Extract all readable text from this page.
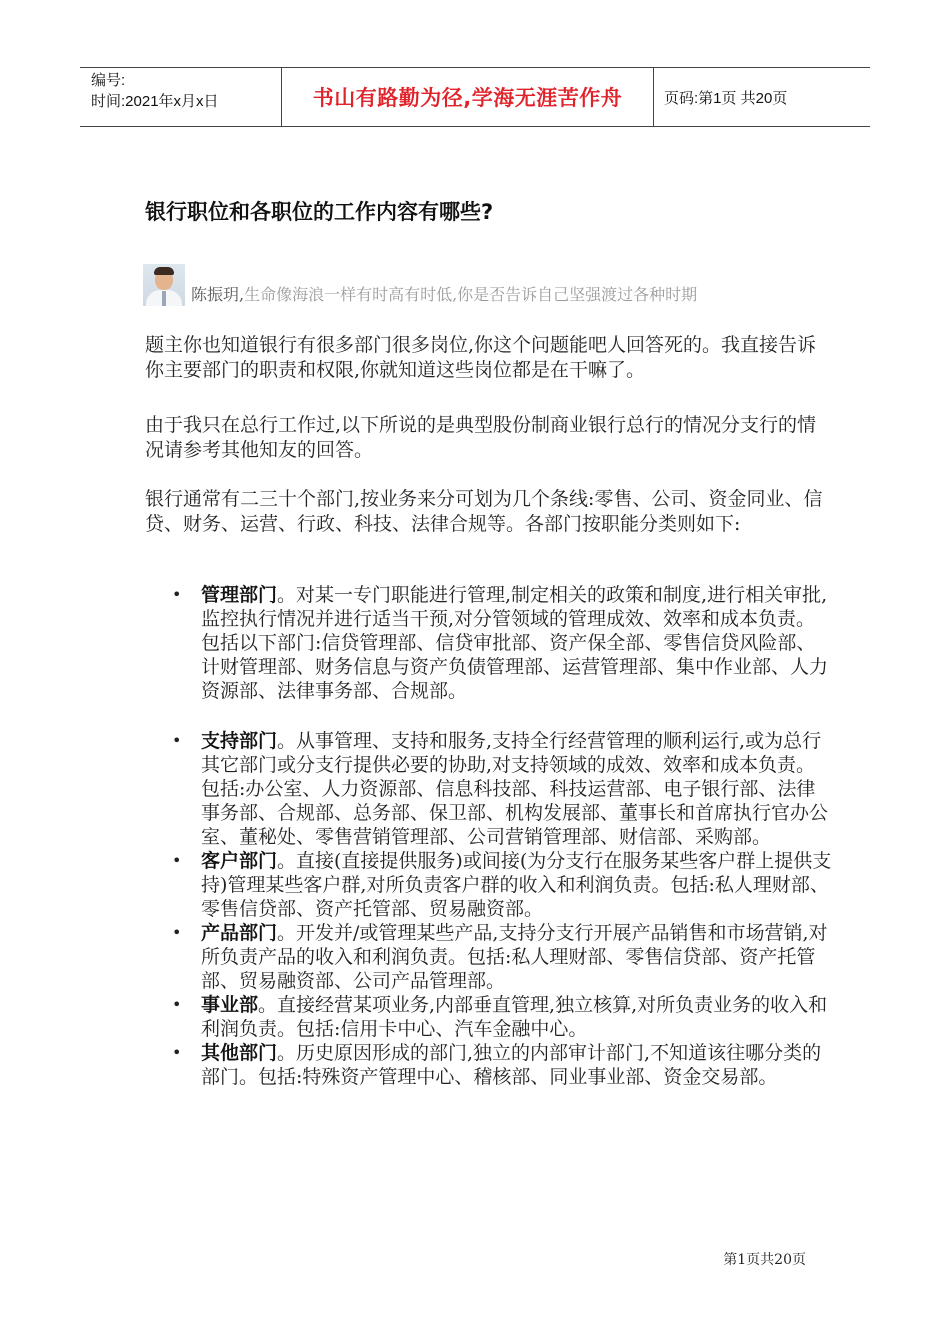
编号:
时间:2021年x月x日	书山有路勤为径,学海无涯苦作舟	页码:第1页 共20页
银行职位和各职位的工作内容有哪些?
陈振玥,生命像海浪一样有时高有时低,你是否告诉自己坚强渡过各种时期
题主你也知道银行有很多部门很多岗位,你这个问题能吧人回答死的。我直接告诉你主要部门的职责和权限,你就知道这些岗位都是在干嘛了。
由于我只在总行工作过,以下所说的是典型股份制商业银行总行的情况分支行的情况请参考其他知友的回答。
银行通常有二三十个部门,按业务来分可划为几个条线:零售、公司、资金同业、信贷、财务、运营、行政、科技、法律合规等。各部门按职能分类则如下:
• 管理部门。对某一专门职能进行管理,制定相关的政策和制度,进行相关审批,监控执行情况并进行适当干预,对分管领域的管理成效、效率和成本负责。包括以下部门:信贷管理部、信贷审批部、资产保全部、零售信贷风险部、计财管理部、财务信息与资产负债管理部、运营管理部、集中作业部、人力资源部、法律事务部、合规部。
• 支持部门。从事管理、支持和服务,支持全行经营管理的顺利运行,或为总行其它部门或分支行提供必要的协助,对支持领域的成效、效率和成本负责。包括:办公室、人力资源部、信息科技部、科技运营部、电子银行部、法律事务部、合规部、总务部、保卫部、机构发展部、董事长和首席执行官办公室、董秘处、零售营销管理部、公司营销管理部、财信部、采购部。
• 客户部门。直接(直接提供服务)或间接(为分支行在服务某些客户群上提供支持)管理某些客户群,对所负责客户群的收入和利润负责。包括:私人理财部、零售信贷部、资产托管部、贸易融资部。
• 产品部门。开发并/或管理某些产品,支持分支行开展产品销售和市场营销,对所负责产品的收入和利润负责。包括:私人理财部、零售信贷部、资产托管部、贸易融资部、公司产品管理部。
• 事业部。直接经营某项业务,内部垂直管理,独立核算,对所负责业务的收入和利润负责。包括:信用卡中心、汽车金融中心。
• 其他部门。历史原因形成的部门,独立的内部审计部门,不知道该往哪分类的部门。包括:特殊资产管理中心、稽核部、同业事业部、资金交易部。
第1页共20页
